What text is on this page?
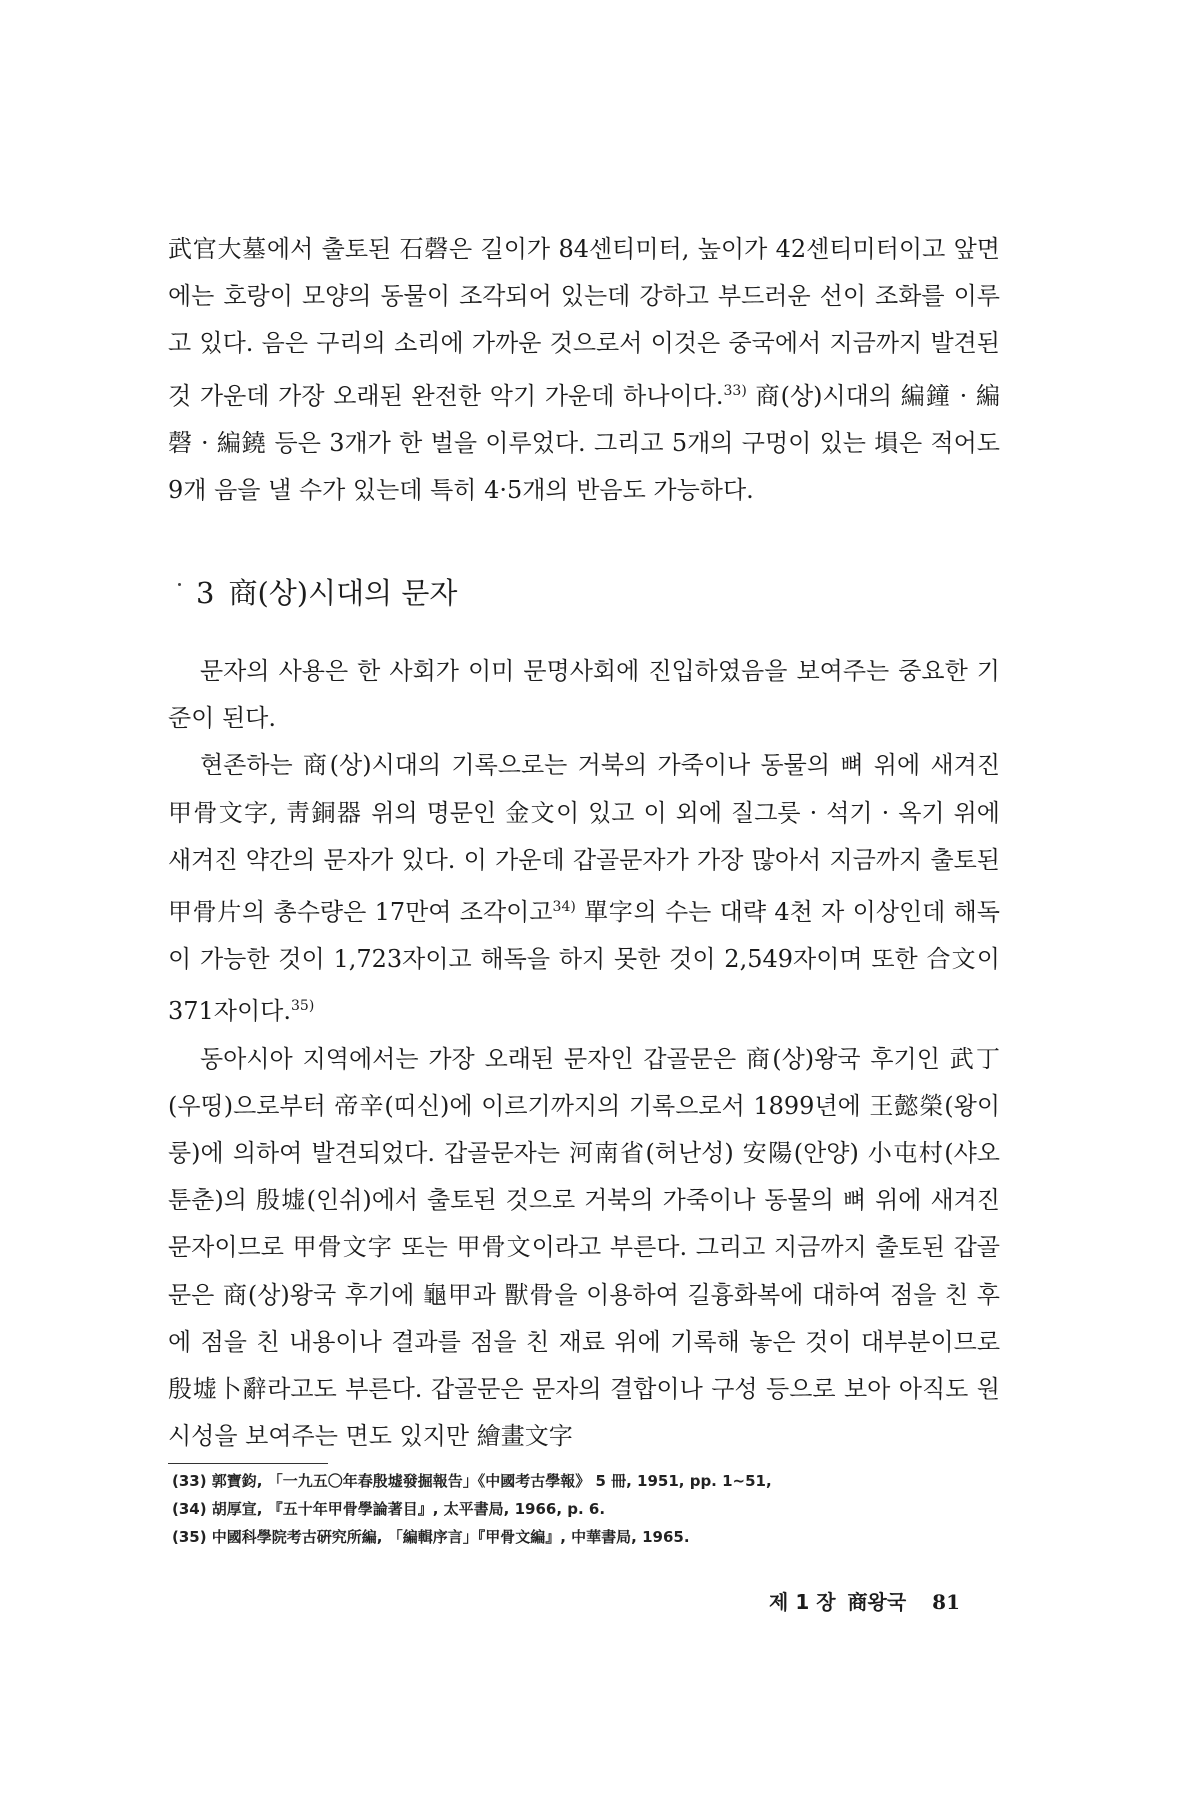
武官大墓에서 출토된 石磬은 길이가 84센티미터, 높이가 42센티미터이고 앞면에는 호랑이 모양의 동물이 조각되어 있는데 강하고 부드러운 선이 조화를 이루고 있다. 음은 구리의 소리에 가까운 것으로서 이것은 중국에서 지금까지 발견된 것 가운데 가장 오래된 완전한 악기 가운데 하나이다.$^{33)}$ 商(상)시대의 編鐘 · 編磬 · 編鐃 등은 3개가 한 벌을 이루었다. 그리고 5개의 구멍이 있는 塤은 적어도 9개 음을 낼 수가 있는데 특히 4·5개의 반음도 가능하다.
3 商(상)시대의 문자

문자의 사용은 한 사회가 이미 문명사회에 진입하였음을 보여주는 중요한 기준이 된다.

현존하는 商(상)시대의 기록으로는 거북의 가죽이나 동물의 뼈 위에 새겨진 甲骨文字, 靑銅器 위의 명문인 金文이 있고 이 외에 질그릇 · 석기 · 옥기 위에 새겨진 약간의 문자가 있다. 이 가운데 갑골문자가 가장 많아서 지금까지 출토된 甲骨片의 총수량은 17만여 조각이고$^{34)}$ 單字의 수는 대략 4천 자 이상인데 해독이 가능한 것이 1,723자이고 해독을 하지 못한 것이 2,549자이며 또한 合文이 371자이다.$^{35)}$

동아시아 지역에서는 가장 오래된 문자인 갑골문은 商(상)왕국 후기인 武丁(우띵)으로부터 帝辛(띠신)에 이르기까지의 기록으로서 1899년에 王懿榮(왕이룽)에 의하여 발견되었다. 갑골문자는 河南省(허난성) 安陽(안양) 小屯村(샤오툰춘)의 殷墟(인쉬)에서 출토된 것으로 거북의 가죽이나 동물의 뼈 위에 새겨진 문자이므로 甲骨文字 또는 甲骨文이라고 부른다. 그리고 지금까지 출토된 갑골문은 商(상)왕국 후기에 龜甲과 獸骨을 이용하여 길흉화복에 대하여 점을 친 후에 점을 친 내용이나 결과를 점을 친 재료 위에 기록해 놓은 것이 대부분이므로 殷墟卜辭라고도 부른다. 갑골문은 문자의 결합이나 구성 등으로 보아 아직도 원시성을 보여주는 면도 있지만 繪畫文字

(33) 郭寶鈞, 「一九五〇年春殷墟發掘報告」《中國考古學報》 5 冊, 1951, pp. 1~51,
(34) 胡厚宣, 『五十年甲骨學論著目』, 太平書局, 1966, p. 6.
(35) 中國科學院考古硏究所編, 「編輯序言」『甲骨文編』, 中華書局, 1965.
제 1 장 商왕국 81
